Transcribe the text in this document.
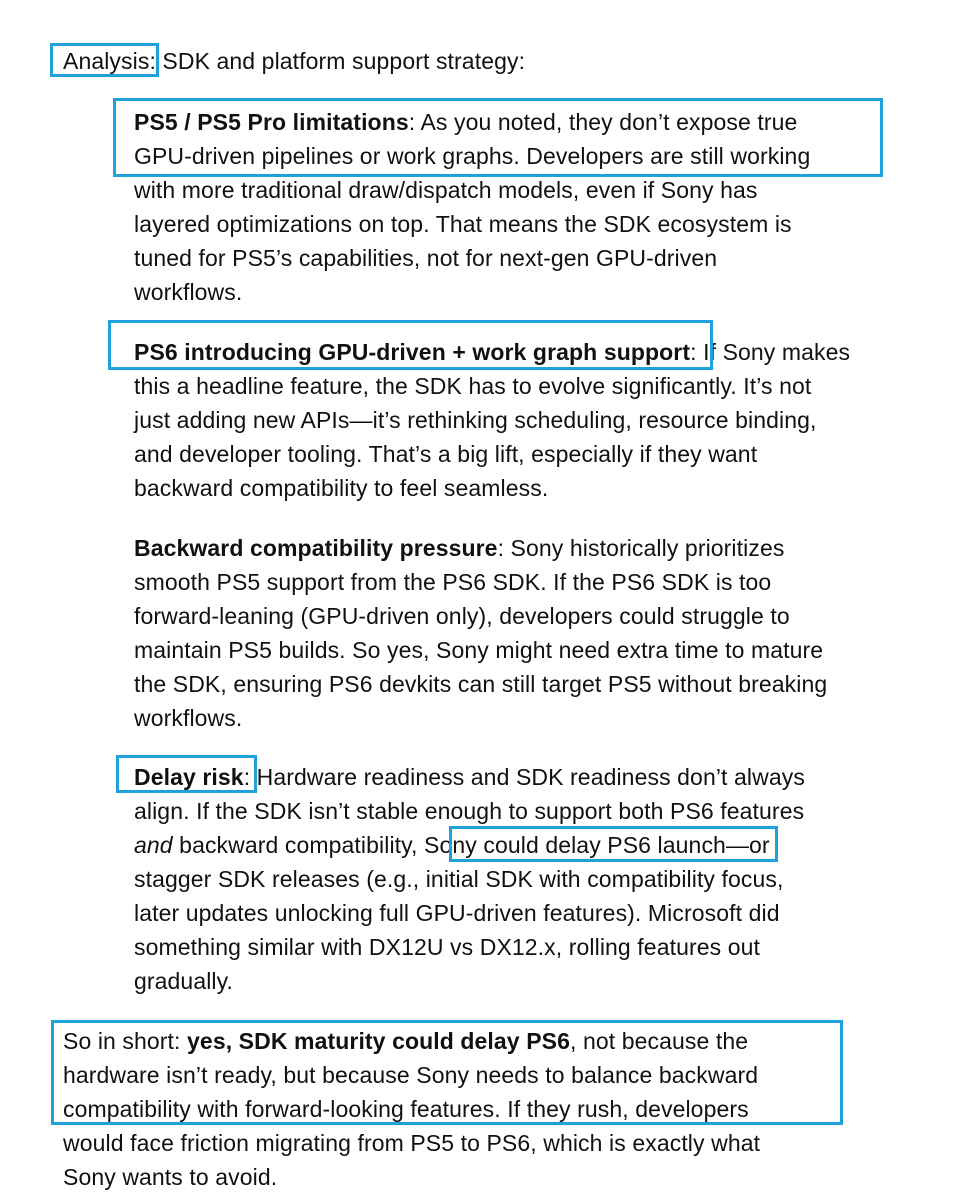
Analysis: SDK and platform support strategy:
PS5 / PS5 Pro limitations: As you noted, they don’t expose true
GPU-driven pipelines or work graphs. Developers are still working
with more traditional draw/dispatch models, even if Sony has
layered optimizations on top. That means the SDK ecosystem is
tuned for PS5’s capabilities, not for next-gen GPU-driven
workflows.
PS6 introducing GPU-driven + work graph support: If Sony makes
this a headline feature, the SDK has to evolve significantly. It’s not
just adding new APIs—it’s rethinking scheduling, resource binding,
and developer tooling. That’s a big lift, especially if they want
backward compatibility to feel seamless.
Backward compatibility pressure: Sony historically prioritizes
smooth PS5 support from the PS6 SDK. If the PS6 SDK is too
forward-leaning (GPU-driven only), developers could struggle to
maintain PS5 builds. So yes, Sony might need extra time to mature
the SDK, ensuring PS6 devkits can still target PS5 without breaking
workflows.
Delay risk: Hardware readiness and SDK readiness don’t always
align. If the SDK isn’t stable enough to support both PS6 features
and backward compatibility, Sony could delay PS6 launch—or
stagger SDK releases (e.g., initial SDK with compatibility focus,
later updates unlocking full GPU-driven features). Microsoft did
something similar with DX12U vs DX12.x, rolling features out
gradually.
So in short: yes, SDK maturity could delay PS6, not because the
hardware isn’t ready, but because Sony needs to balance backward
compatibility with forward-looking features. If they rush, developers
would face friction migrating from PS5 to PS6, which is exactly what
Sony wants to avoid.
